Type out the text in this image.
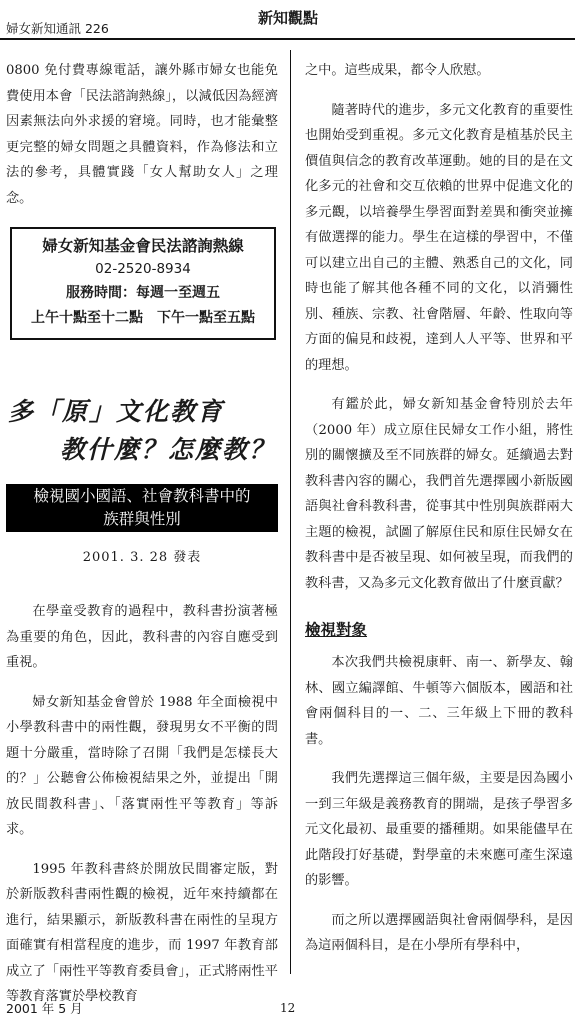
婦女新知通訊 226
新知觀點

0800 免付費專線電話，讓外縣市婦女也能免費使用本會「民法諮詢熱線」，以減低因為經濟因素無法向外求援的窘境。同時，也才能彙整更完整的婦女問題之具體資料，作為修法和立法的參考，具體實踐「女人幫助女人」之理念。

婦女新知基金會民法諮詢熱線
02-2520-8934
服務時間：每週一至週五
上午十點至十二點　下午一點至五點
多「原」文化教育
教什麼？怎麼教？
檢視國小國語、社會教科書中的
族群與性別
2001. 3. 28 發表

在學童受教育的過程中，教科書扮演著極為重要的角色，因此，教科書的內容自應受到重視。

婦女新知基金會曾於 1988 年全面檢視中小學教科書中的兩性觀，發現男女不平衡的問題十分嚴重，當時除了召開「我們是怎樣長大的？」公聽會公佈檢視結果之外，並提出「開放民間教科書」、「落實兩性平等教育」等訴求。

1995 年教科書終於開放民間審定版，對於新版教科書兩性觀的檢視，近年來持續都在進行，結果顯示，新版教科書在兩性的呈現方面確實有相當程度的進步，而 1997 年教育部成立了「兩性平等教育委員會」，正式將兩性平等教育落實於學校教育

之中。這些成果，都令人欣慰。

隨著時代的進步，多元文化教育的重要性也開始受到重視。多元文化教育是植基於民主價值與信念的教育改革運動。她的目的是在文化多元的社會和交互依賴的世界中促進文化的多元觀，以培養學生學習面對差異和衝突並擁有做選擇的能力。學生在這樣的學習中，不僅可以建立出自己的主體、熟悉自己的文化，同時也能了解其他各種不同的文化，以消彌性別、種族、宗教、社會階層、年齡、性取向等方面的偏見和歧視，達到人人平等、世界和平的理想。

有鑑於此，婦女新知基金會特別於去年（2000 年）成立原住民婦女工作小組，將性別的關懷擴及至不同族群的婦女。延續過去對教科書內容的關心，我們首先選擇國小新版國語與社會科教科書，從事其中性別與族群兩大主題的檢視，試圖了解原住民和原住民婦女在教科書中是否被呈現、如何被呈現，而我們的教科書，又為多元文化教育做出了什麼貢獻？

檢視對象

本次我們共檢視康軒、南一、新學友、翰林、國立編譯館、牛頓等六個版本，國語和社會兩個科目的一、二、三年級上下冊的教科書。

我們先選擇這三個年級，主要是因為國小一到三年級是義務教育的開端，是孩子學習多元文化最初、最重要的播種期。如果能儘早在此階段打好基礎，對學童的未來應可產生深遠的影響。

而之所以選擇國語與社會兩個學科，是因為這兩個科目，是在小學所有學科中，

2001 年 5 月	12
